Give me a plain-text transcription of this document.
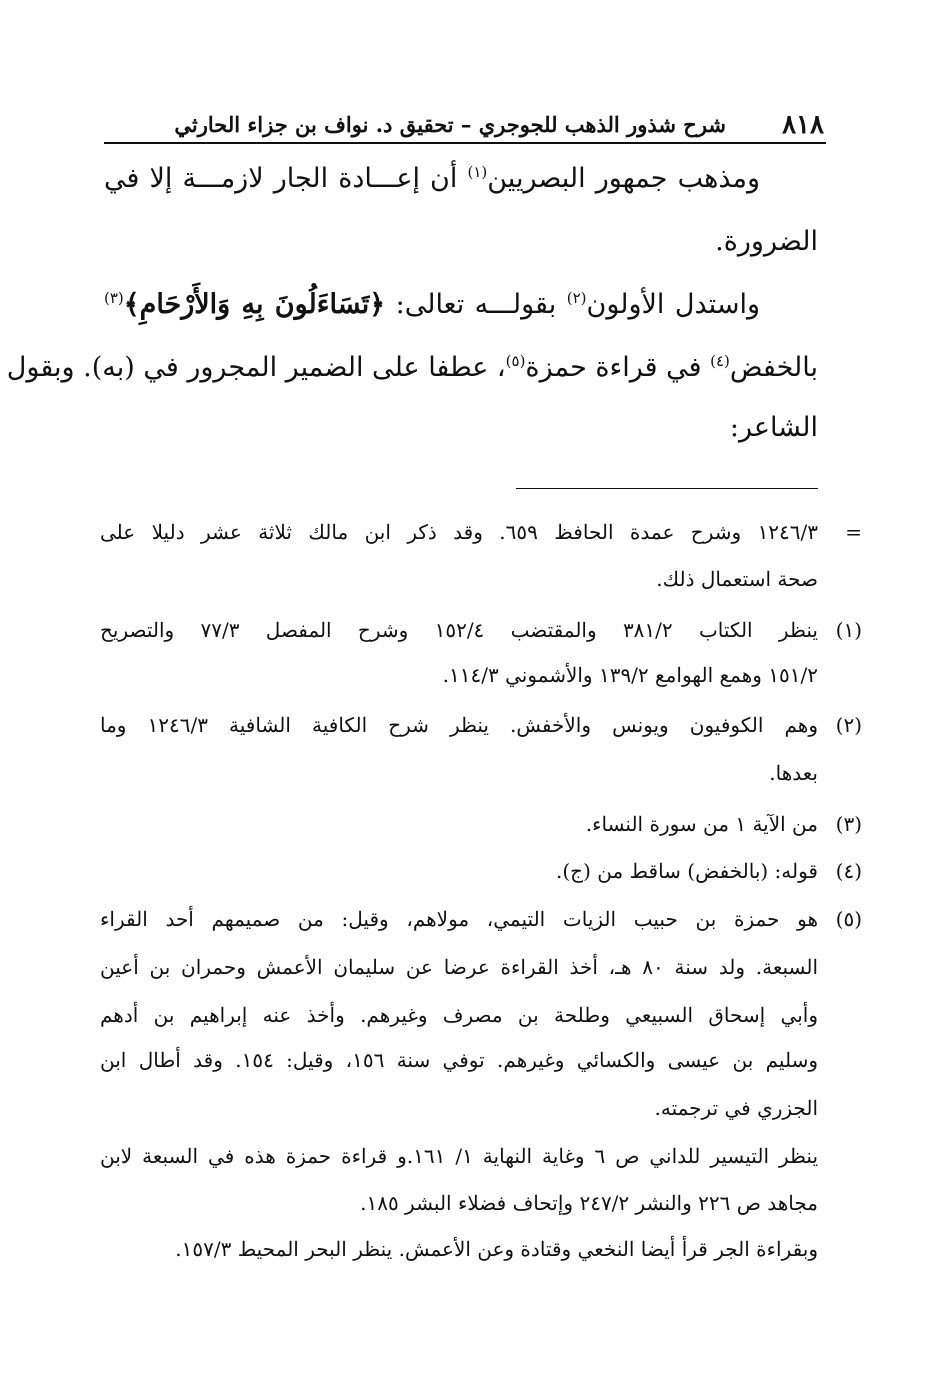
٨١٨
شرح شذور الذهب للجوجري – تحقيق د. نواف بن جزاء الحارثي
ومذهب جمهور البصريين$^{(١)}$ أن إعـــادة الجار لازمـــة إلا في
الضرورة.
واستدل الأولون$^{(٢)}$ بقولـــه تعالى: ﴿تَسَاءَلُونَ بِهِ وَالأَرْحَامِ﴾$^{(٣)}$
بالخفض$^{(٤)}$ في قراءة حمزة$^{(٥)}$، عطفا على الضمير المجرور في (به). وبقول
الشاعر:
=
١٢٤٦/٣ وشرح عمدة الحافظ ٦٥٩. وقد ذكر ابن مالك ثلاثة عشر دليلا على
صحة استعمال ذلك.
(١)
ينظر الكتاب ٣٨١/٢ والمقتضب ١٥٢/٤ وشرح المفصل ٧٧/٣ والتصريح
١٥١/٢ وهمع الهوامع ١٣٩/٢ والأشموني ١١٤/٣.
(٢)
وهم الكوفيون ويونس والأخفش. ينظر شرح الكافية الشافية ١٢٤٦/٣ وما
بعدها.
(٣)
من الآية ١ من سورة النساء.
(٤)
قوله: (بالخفض) ساقط من (ج).
(٥)
هو حمزة بن حبيب الزيات التيمي، مولاهم، وقيل: من صميمهم أحد القراء
السبعة. ولد سنة ٨٠ هـ، أخذ القراءة عرضا عن سليمان الأعمش وحمران بن أعين
وأبي إسحاق السبيعي وطلحة بن مصرف وغيرهم. وأخذ عنه إبراهيم بن أدهم
وسليم بن عيسى والكسائي وغيرهم. توفي سنة ١٥٦، وقيل: ١٥٤. وقد أطال ابن
الجزري في ترجمته.
ينظر التيسير للداني ص ٦ وغاية النهاية ١/ ١٦١.و قراءة حمزة هذه في السبعة لابن
مجاهد ص ٢٢٦ والنشر ٢٤٧/٢ وإتحاف فضلاء البشر ١٨٥.
وبقراءة الجر قرأ أيضا النخعي وقتادة وعن الأعمش. ينظر البحر المحيط ١٥٧/٣.
